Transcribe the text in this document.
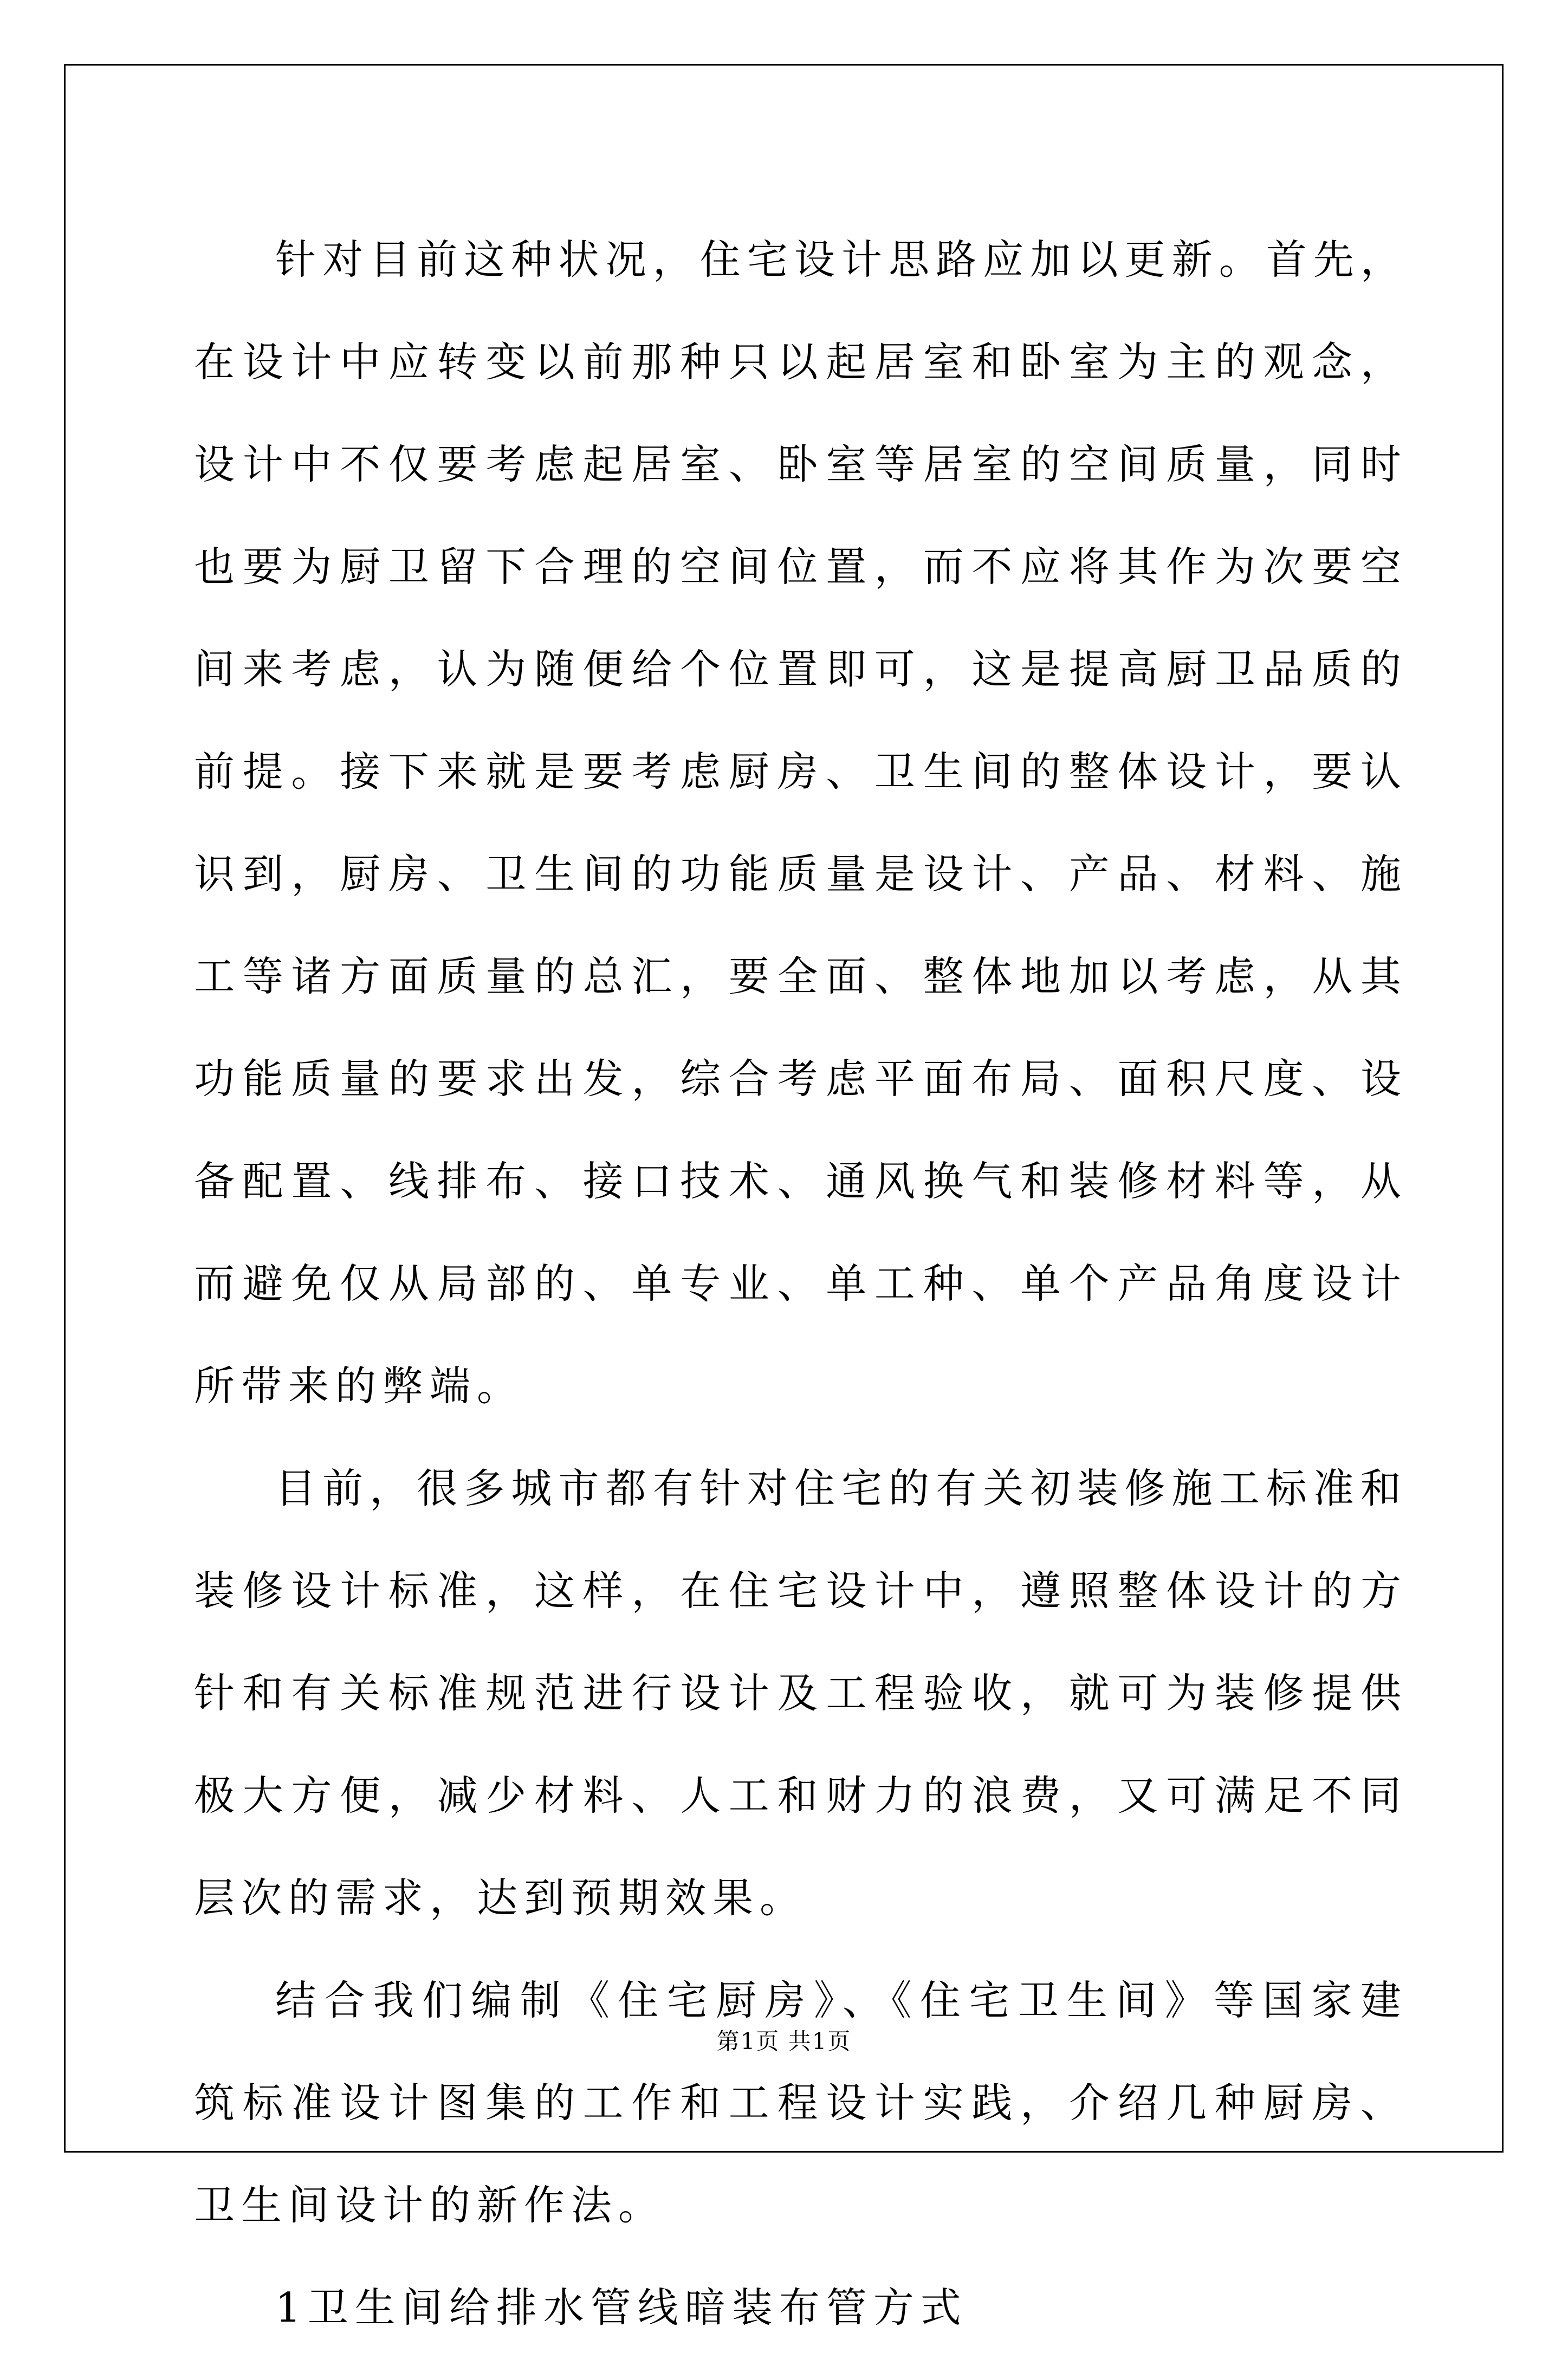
针对目前这种状况，住宅设计思路应加以更新。首先，在设计中应转变以前那种只以起居室和卧室为主的观念，设计中不仅要考虑起居室、卧室等居室的空间质量，同时也要为厨卫留下合理的空间位置，而不应将其作为次要空间来考虑，认为随便给个位置即可，这是提高厨卫品质的前提。接下来就是要考虑厨房、卫生间的整体设计，要认识到，厨房、卫生间的功能质量是设计、产品、材料、施工等诸方面质量的总汇，要全面、整体地加以考虑，从其功能质量的要求出发，综合考虑平面布局、面积尺度、设备配置、线排布、接口技术、通风换气和装修材料等，从而避免仅从局部的、单专业、单工种、单个产品角度设计所带来的弊端。

目前，很多城市都有针对住宅的有关初装修施工标准和装修设计标准，这样，在住宅设计中，遵照整体设计的方针和有关标准规范进行设计及工程验收，就可为装修提供极大方便，减少材料、人工和财力的浪费，又可满足不同层次的需求，达到预期效果。

结合我们编制《住宅厨房》、《住宅卫生间》等国家建筑标准设计图集的工作和工程设计实践，介绍几种厨房、卫生间设计的新作法。

1卫生间给排水管线暗装布管方式

第1页 共1页
